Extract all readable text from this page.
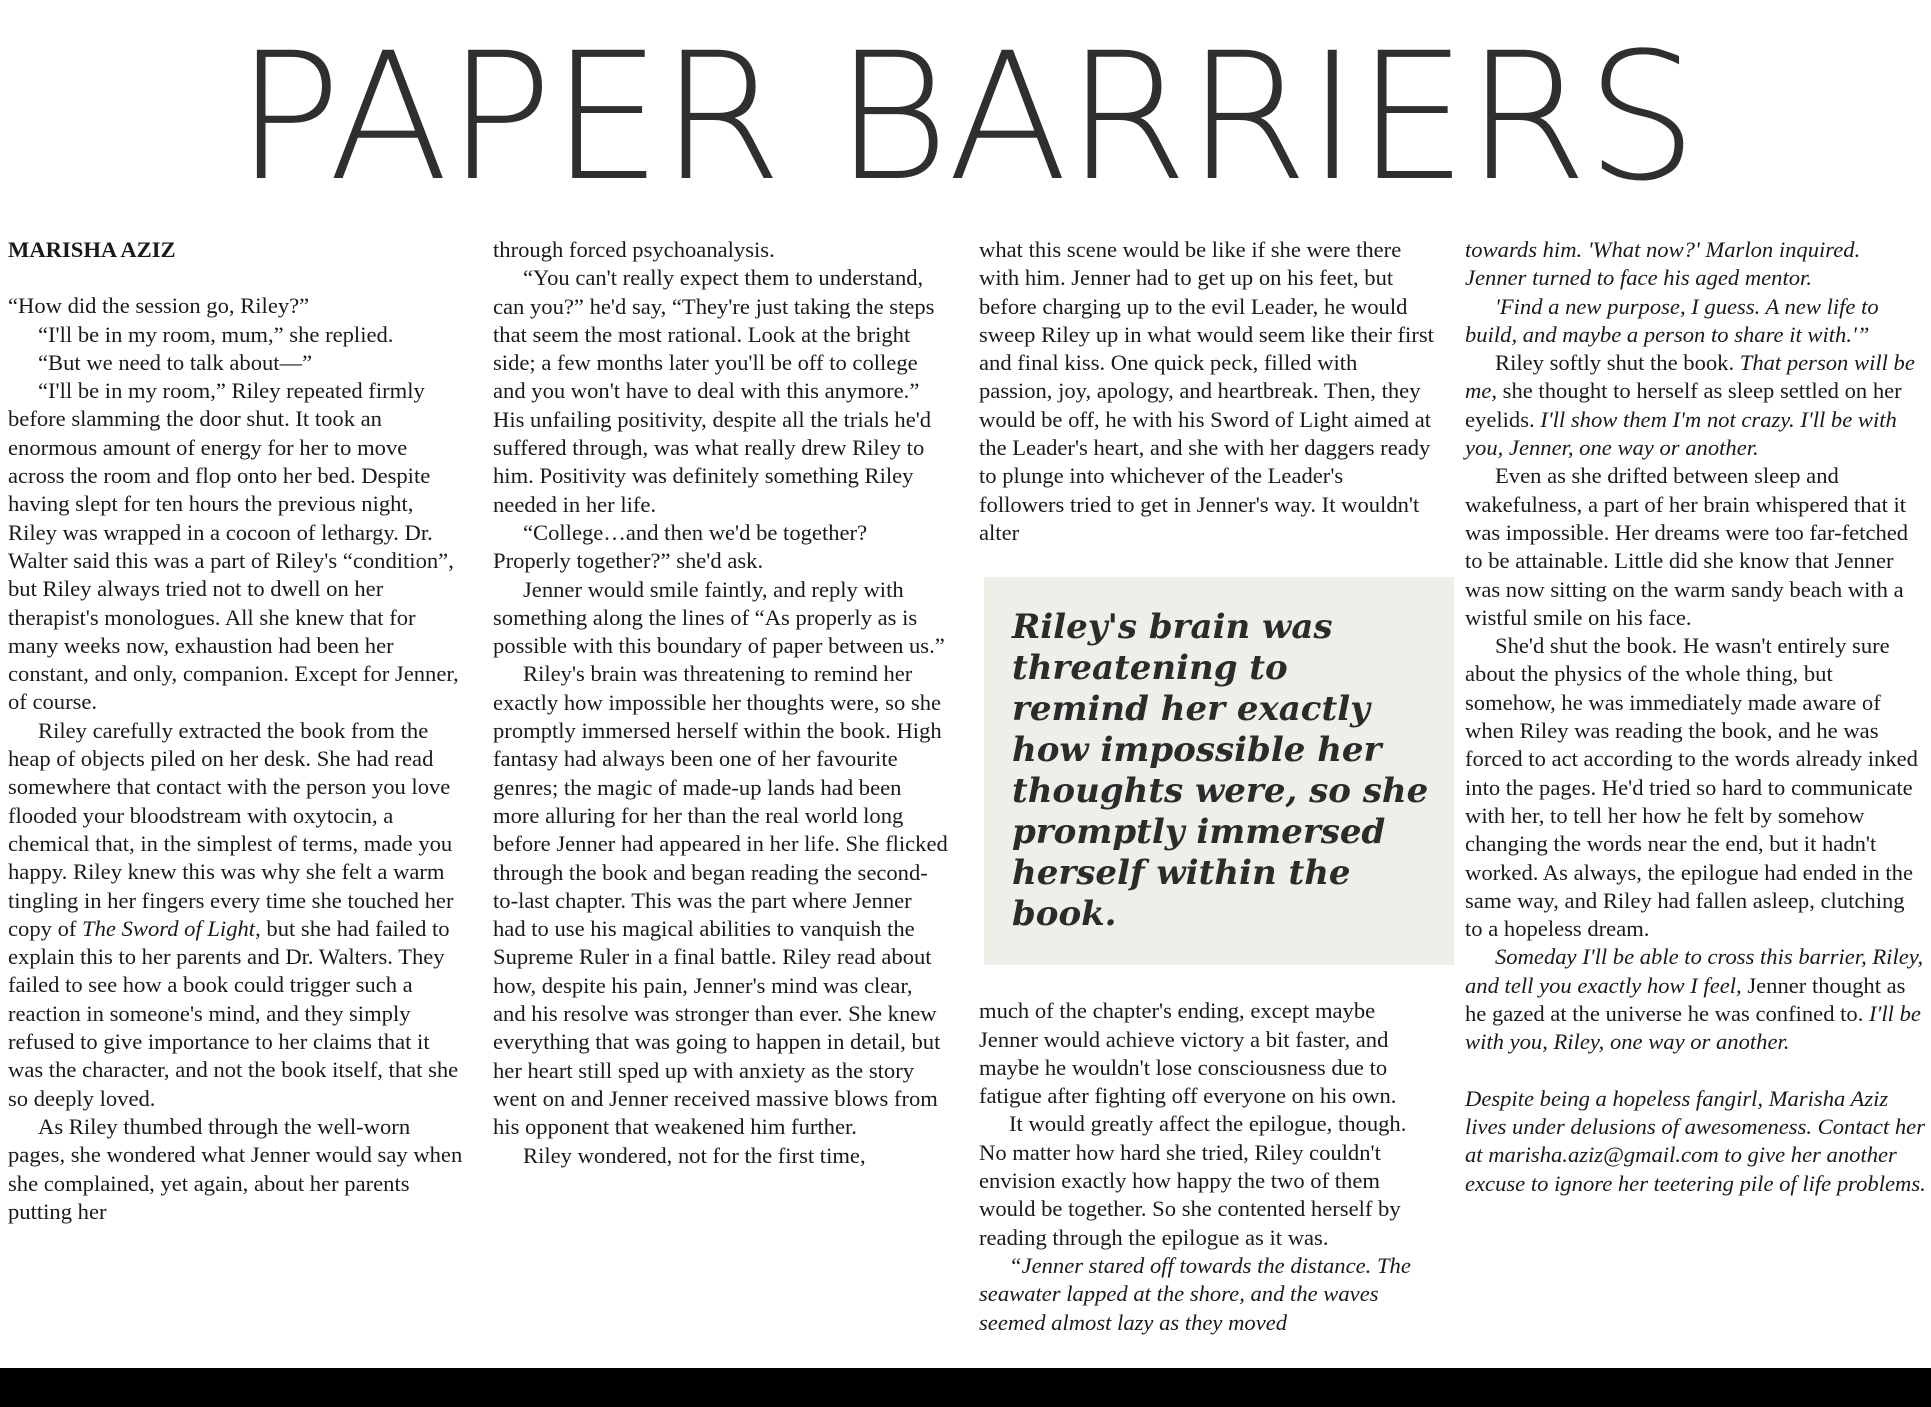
PAPER BARRIERS

MARISHA AZIZ

“How did the session go, Riley?”

“I'll be in my room, mum,” she replied.

“But we need to talk about—”

“I'll be in my room,” Riley repeated firmly before slamming the door shut. It took an enormous amount of energy for her to move across the room and flop onto her bed. Despite having slept for ten hours the previous night, Riley was wrapped in a cocoon of lethargy. Dr. Walter said this was a part of Riley's “condition”, but Riley always tried not to dwell on her therapist's monologues. All she knew that for many weeks now, exhaustion had been her constant, and only, companion. Except for Jenner, of course.

Riley carefully extracted the book from the heap of objects piled on her desk. She had read somewhere that contact with the person you love flooded your bloodstream with oxytocin, a chemical that, in the simplest of terms, made you happy. Riley knew this was why she felt a warm tingling in her fingers every time she touched her copy of The Sword of Light, but she had failed to explain this to her parents and Dr. Walters. They failed to see how a book could trigger such a reaction in someone's mind, and they simply refused to give importance to her claims that it was the character, and not the book itself, that she so deeply loved.

As Riley thumbed through the well-worn pages, she wondered what Jenner would say when she complained, yet again, about her parents putting her

through forced psychoanalysis.

“You can't really expect them to understand, can you?” he'd say, “They're just taking the steps that seem the most rational. Look at the bright side; a few months later you'll be off to college and you won't have to deal with this anymore.” His unfailing positivity, despite all the trials he'd suffered through, was what really drew Riley to him. Positivity was definitely something Riley needed in her life.

“College…and then we'd be together? Properly together?” she'd ask.

Jenner would smile faintly, and reply with something along the lines of “As properly as is possible with this boundary of paper between us.”

Riley's brain was threatening to remind her exactly how impossible her thoughts were, so she promptly immersed herself within the book. High fantasy had always been one of her favourite genres; the magic of made-up lands had been more alluring for her than the real world long before Jenner had appeared in her life. She flicked through the book and began reading the second-to-last chapter. This was the part where Jenner had to use his magical abilities to vanquish the Supreme Ruler in a final battle. Riley read about how, despite his pain, Jenner's mind was clear, and his resolve was stronger than ever. She knew everything that was going to happen in detail, but her heart still sped up with anxiety as the story went on and Jenner received massive blows from his opponent that weakened him further.

Riley wondered, not for the first time,

what this scene would be like if she were there with him. Jenner had to get up on his feet, but before charging up to the evil Leader, he would sweep Riley up in what would seem like their first and final kiss. One quick peck, filled with passion, joy, apology, and heartbreak. Then, they would be off, he with his Sword of Light aimed at the Leader's heart, and she with her daggers ready to plunge into whichever of the Leader's followers tried to get in Jenner's way. It wouldn't alter

Riley's brain was threatening to remind her exactly how impossible her thoughts were, so she promptly immersed herself within the book.

much of the chapter's ending, except maybe Jenner would achieve victory a bit faster, and maybe he wouldn't lose consciousness due to fatigue after fighting off everyone on his own.

It would greatly affect the epilogue, though. No matter how hard she tried, Riley couldn't envision exactly how happy the two of them would be together. So she contented herself by reading through the epilogue as it was.

“Jenner stared off towards the distance. The seawater lapped at the shore, and the waves seemed almost lazy as they moved

towards him. 'What now?' Marlon inquired. Jenner turned to face his aged mentor.

'Find a new purpose, I guess. A new life to build, and maybe a person to share it with.'”

Riley softly shut the book. That person will be me, she thought to herself as sleep settled on her eyelids. I'll show them I'm not crazy. I'll be with you, Jenner, one way or another.

Even as she drifted between sleep and wakefulness, a part of her brain whispered that it was impossible. Her dreams were too far-fetched to be attainable. Little did she know that Jenner was now sitting on the warm sandy beach with a wistful smile on his face.

She'd shut the book. He wasn't entirely sure about the physics of the whole thing, but somehow, he was immediately made aware of when Riley was reading the book, and he was forced to act according to the words already inked into the pages. He'd tried so hard to communicate with her, to tell her how he felt by somehow changing the words near the end, but it hadn't worked. As always, the epilogue had ended in the same way, and Riley had fallen asleep, clutching to a hopeless dream.

Someday I'll be able to cross this barrier, Riley, and tell you exactly how I feel, Jenner thought as he gazed at the universe he was confined to. I'll be with you, Riley, one way or another.

Despite being a hopeless fangirl, Marisha Aziz lives under delusions of awesomeness. Contact her at marisha.aziz@gmail.com to give her another excuse to ignore her teetering pile of life problems.
